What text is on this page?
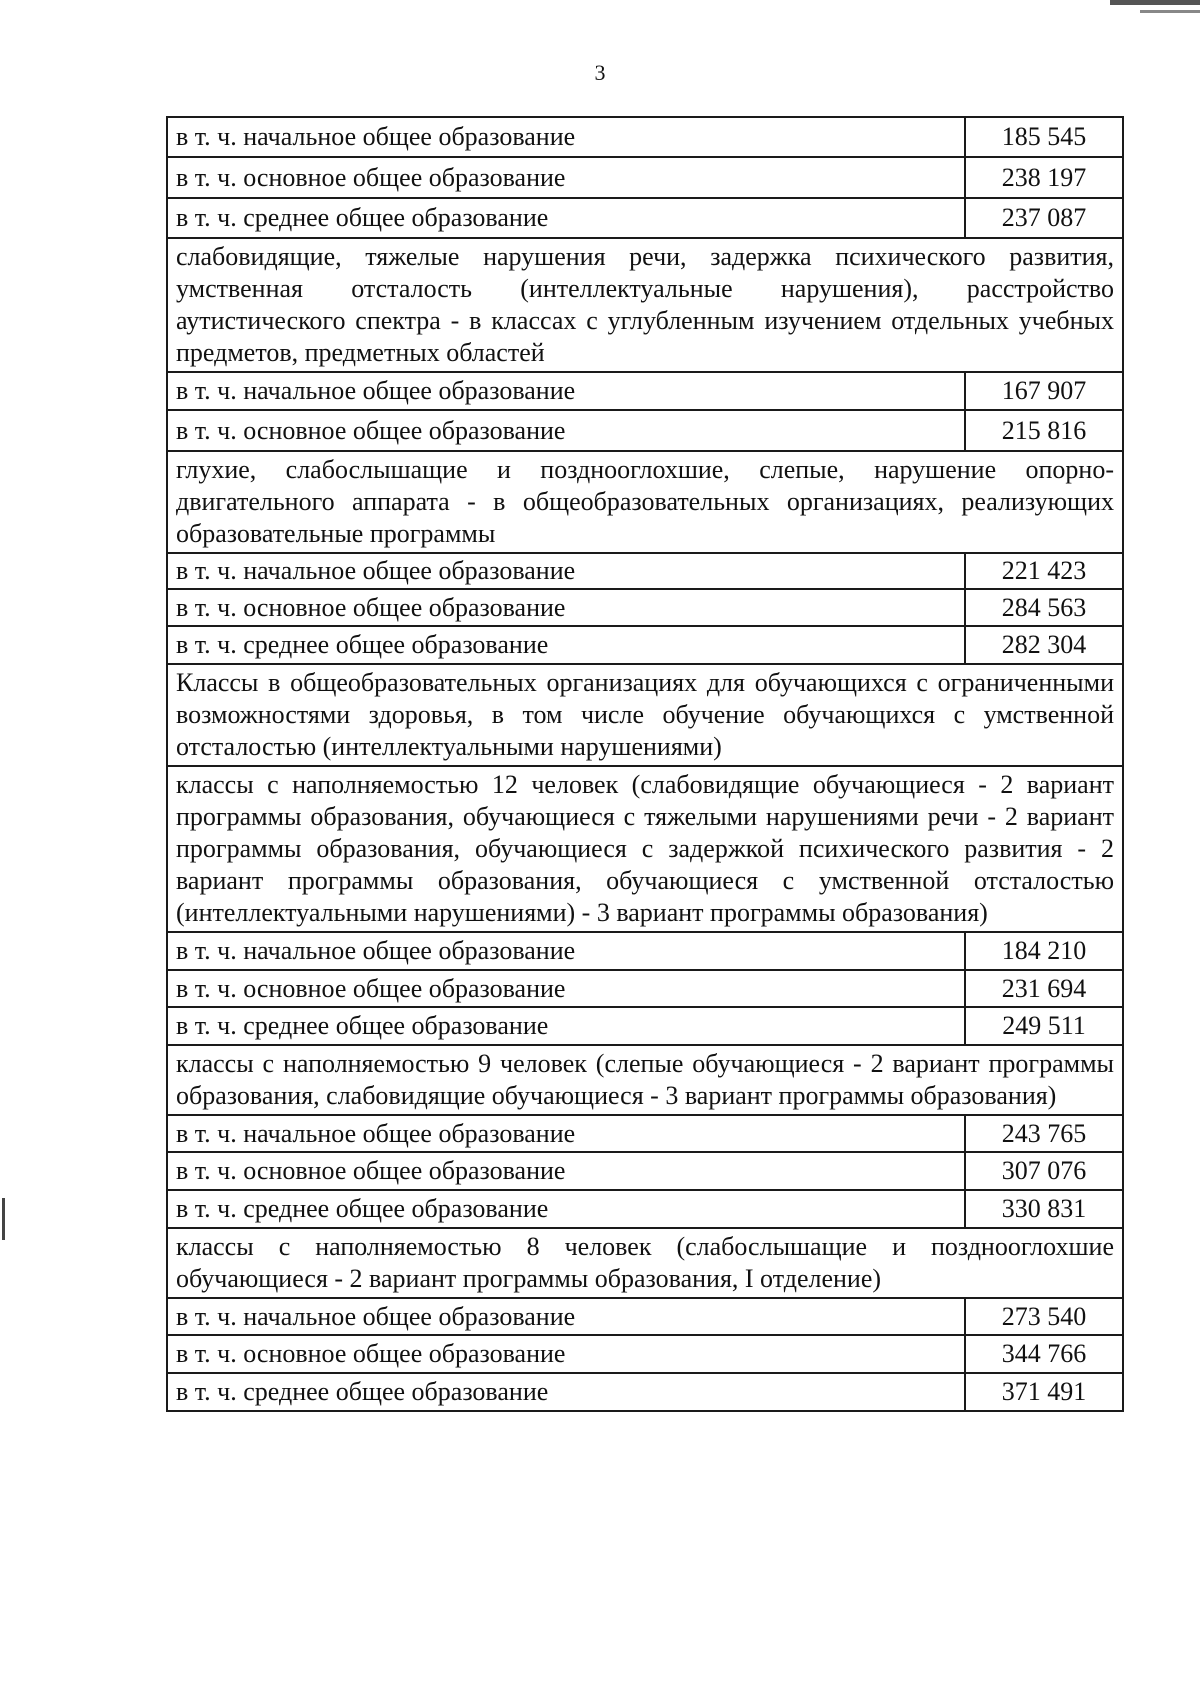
3
в т. ч. начальное общее образование	185 545
в т. ч. основное общее образование	238 197
в т. ч. среднее общее образование	237 087
слабовидящие, тяжелые нарушения речи, задержка психического развития, умственная отсталость (интеллектуальные нарушения), расстройство аутистического спектра - в классах с углубленным изучением отдельных учебных предметов, предметных областей	
в т. ч. начальное общее образование	167 907
в т. ч. основное общее образование	215 816
глухие, слабослышащие и позднооглохшие, слепые, нарушение опорно-двигательного аппарата - в общеобразовательных организациях, реализующих образовательные программы	
в т. ч. начальное общее образование	221 423
в т. ч. основное общее образование	284 563
в т. ч. среднее общее образование	282 304
Классы в общеобразовательных организациях для обучающихся с ограниченными возможностями здоровья, в том числе обучение обучающихся с умственной отсталостью (интеллектуальными нарушениями)	
классы с наполняемостью 12 человек (слабовидящие обучающиеся - 2 вариант программы образования, обучающиеся с тяжелыми нарушениями речи - 2 вариант программы образования, обучающиеся с задержкой психического развития - 2 вариант программы образования, обучающиеся с умственной отсталостью (интеллектуальными нарушениями) - 3 вариант программы образования)	
в т. ч. начальное общее образование	184 210
в т. ч. основное общее образование	231 694
в т. ч. среднее общее образование	249 511
классы с наполняемостью 9 человек (слепые обучающиеся - 2 вариант программы образования, слабовидящие обучающиеся - 3 вариант программы образования)	
в т. ч. начальное общее образование	243 765
в т. ч. основное общее образование	307 076
в т. ч. среднее общее образование	330 831
классы с наполняемостью 8 человек (слабослышащие и позднооглохшие обучающиеся - 2 вариант программы образования, I отделение)	
в т. ч. начальное общее образование	273 540
в т. ч. основное общее образование	344 766
в т. ч. среднее общее образование	371 491
